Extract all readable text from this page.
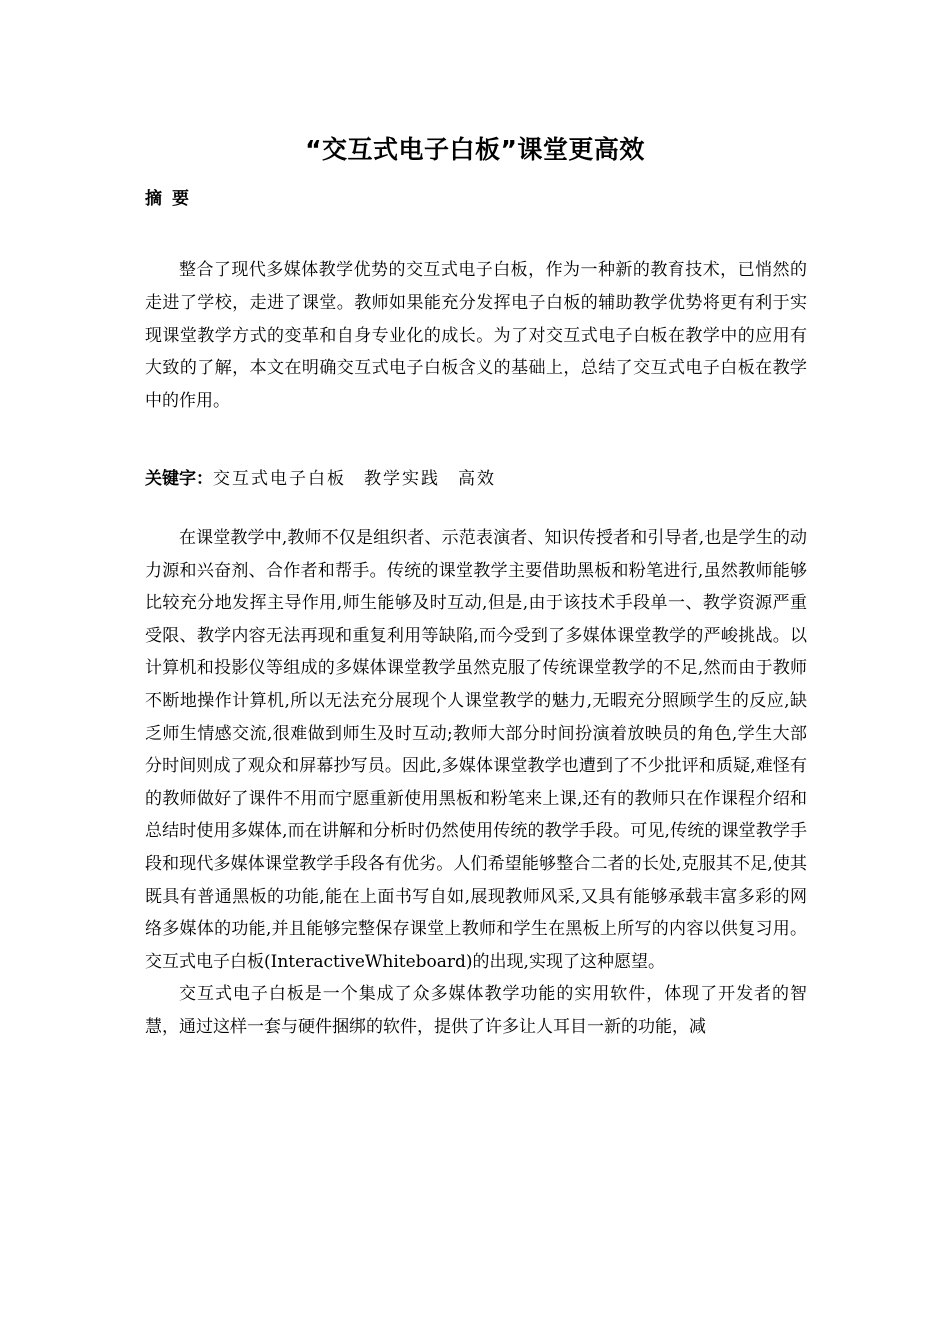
“交互式电子白板”课堂更高效
摘要

整合了现代多媒体教学优势的交互式电子白板，作为一种新的教育技术，已悄然的走进了学校，走进了课堂。教师如果能充分发挥电子白板的辅助教学优势将更有利于实现课堂教学方式的变革和自身专业化的成长。为了对交互式电子白板在教学中的应用有大致的了解，本文在明确交互式电子白板含义的基础上，总结了交互式电子白板在教学中的作用。

关键字：交互式电子白板 教学实践 高效

在课堂教学中,教师不仅是组织者、示范表演者、知识传授者和引导者,也是学生的动力源和兴奋剂、合作者和帮手。传统的课堂教学主要借助黑板和粉笔进行,虽然教师能够比较充分地发挥主导作用,师生能够及时互动,但是,由于该技术手段单一、教学资源严重受限、教学内容无法再现和重复利用等缺陷,而今受到了多媒体课堂教学的严峻挑战。以计算机和投影仪等组成的多媒体课堂教学虽然克服了传统课堂教学的不足,然而由于教师不断地操作计算机,所以无法充分展现个人课堂教学的魅力,无暇充分照顾学生的反应,缺乏师生情感交流,很难做到师生及时互动;教师大部分时间扮演着放映员的角色,学生大部分时间则成了观众和屏幕抄写员。因此,多媒体课堂教学也遭到了不少批评和质疑,难怪有的教师做好了课件不用而宁愿重新使用黑板和粉笔来上课,还有的教师只在作课程介绍和总结时使用多媒体,而在讲解和分析时仍然使用传统的教学手段。可见,传统的课堂教学手段和现代多媒体课堂教学手段各有优劣。人们希望能够整合二者的长处,克服其不足,使其既具有普通黑板的功能,能在上面书写自如,展现教师风采,又具有能够承载丰富多彩的网络多媒体的功能,并且能够完整保存课堂上教师和学生在黑板上所写的内容以供复习用。交互式电子白板(InteractiveWhiteboard)的出现,实现了这种愿望。

交互式电子白板是一个集成了众多媒体教学功能的实用软件，体现了开发者的智慧，通过这样一套与硬件捆绑的软件，提供了许多让人耳目一新的功能，减
